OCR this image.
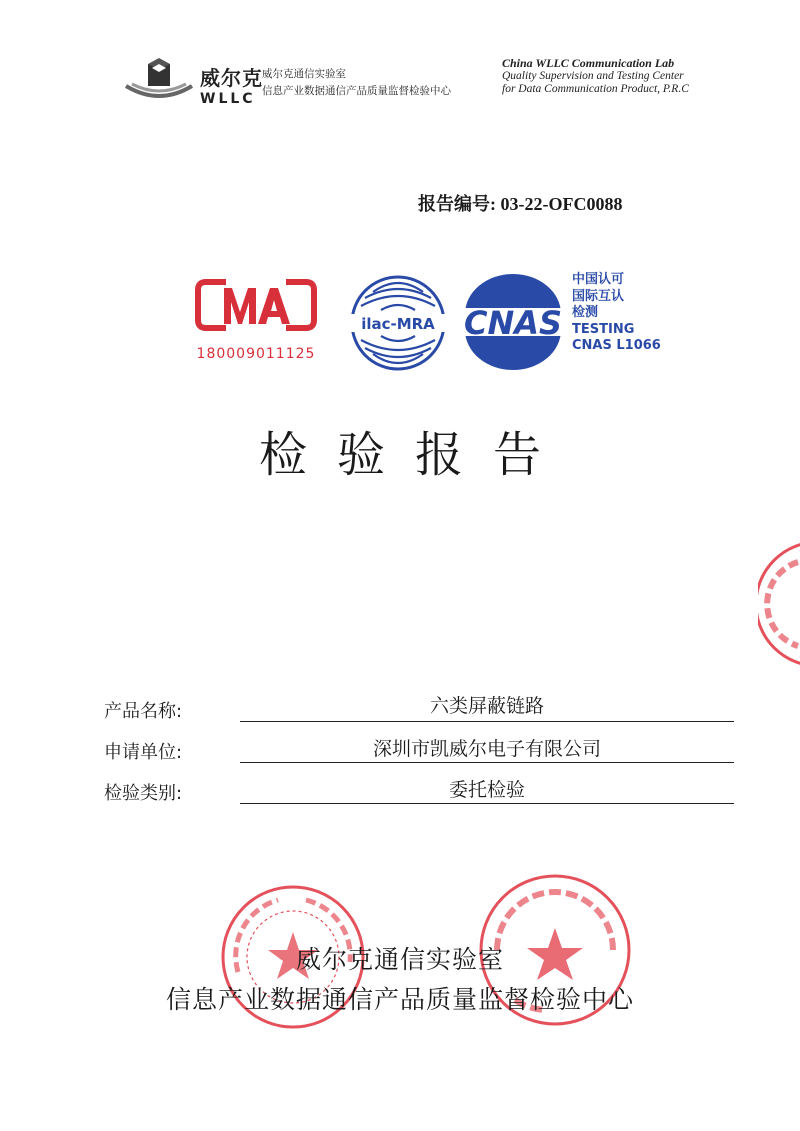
威尔克
WLLC
威尔克通信实验室
信息产业数据通信产品质量监督检验中心
China WLLC Communication Lab
Quality Supervision and Testing Center
for Data Communication Product, P.R.C
报告编号: 03-22-OFC0088
180009011125
ilac-MRA CNAS
中国认可
国际互认
检测
TESTING
CNAS L1066
检验报告
产品名称:	六类屏蔽链路
申请单位:	深圳市凯威尔电子有限公司
检验类别:	委托检验
威尔克通信实验室
信息产业数据通信产品质量监督检验中心
